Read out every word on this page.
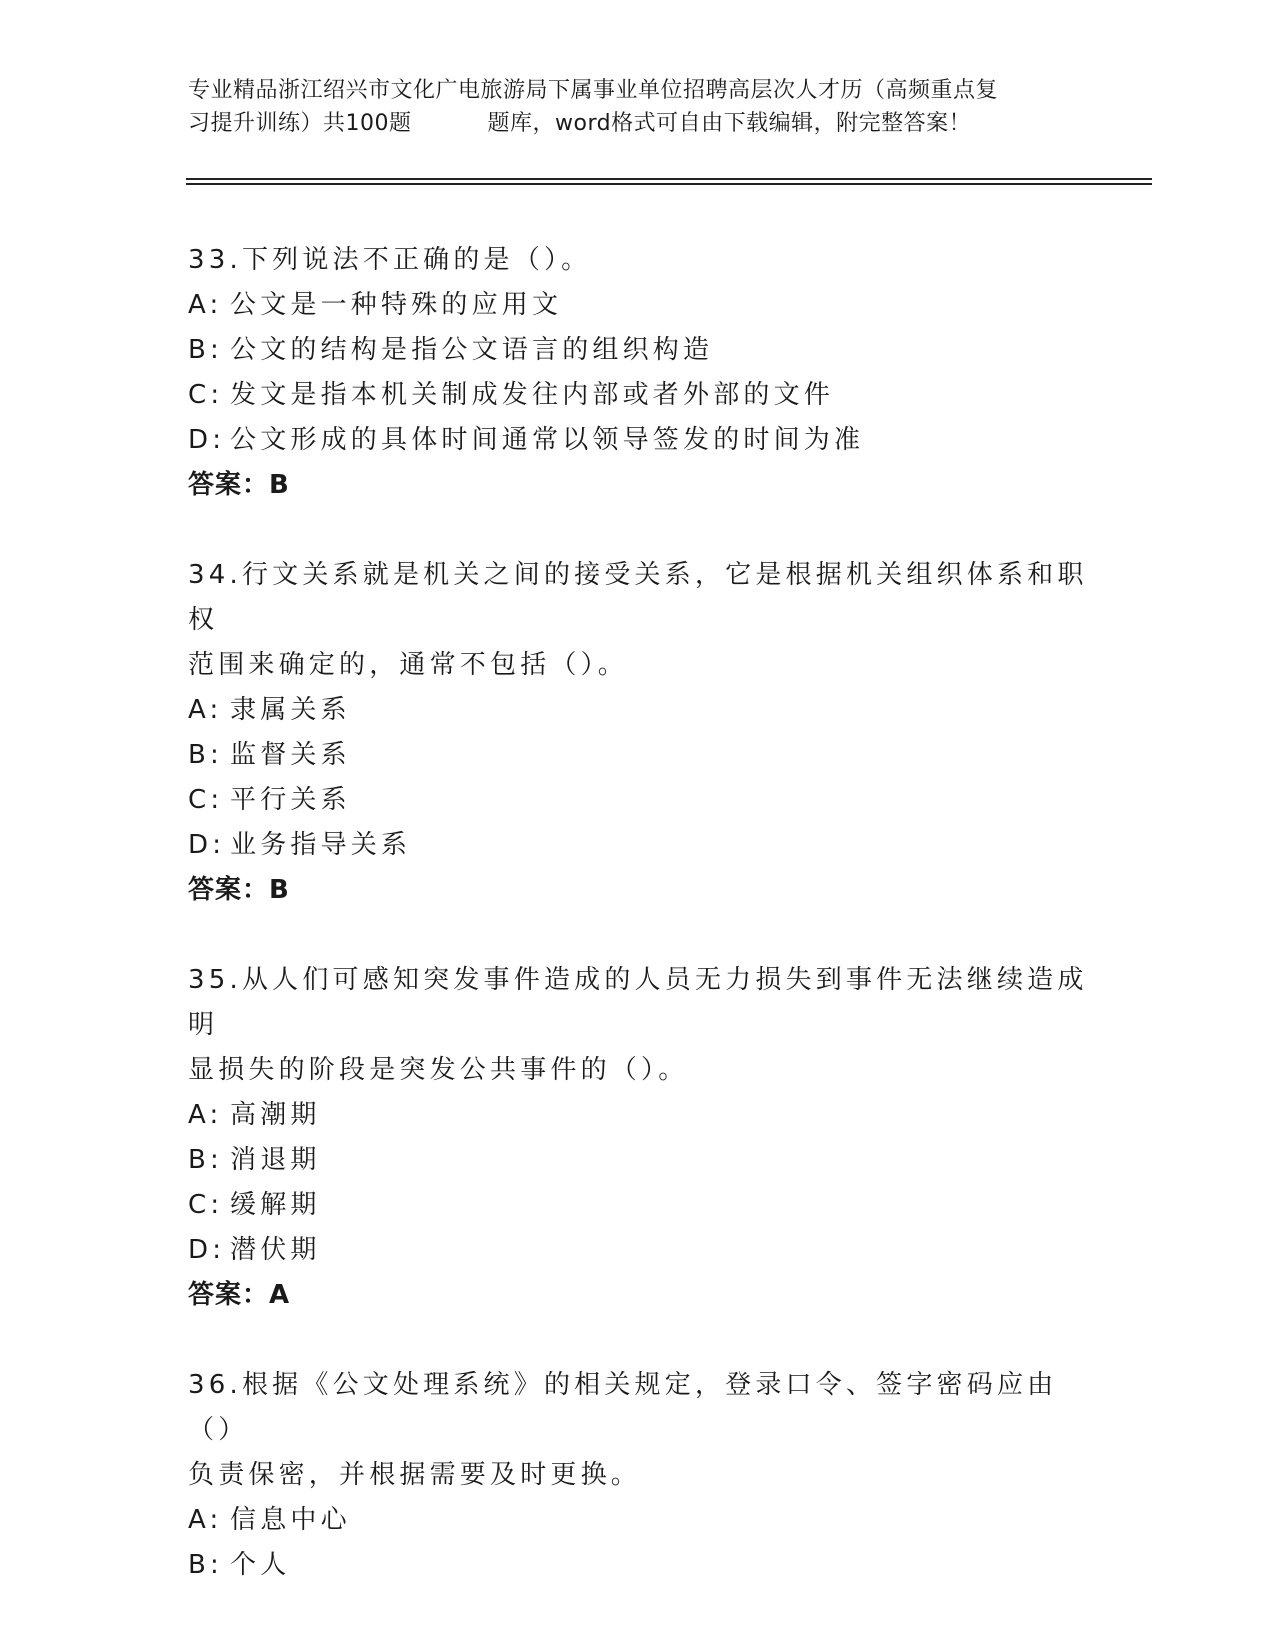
专业精品浙江绍兴市文化广电旅游局下属事业单位招聘高层次人才历（高频重点复
习提升训练）共100题	题库，word格式可自由下载编辑，附完整答案！

33.下列说法不正确的是（）。

A: 公文是一种特殊的应用文

B: 公文的结构是指公文语言的组织构造

C: 发文是指本机关制成发往内部或者外部的文件

D: 公文形成的具体时间通常以领导签发的时间为准

答案：B

34.行文关系就是机关之间的接受关系，它是根据机关组织体系和职权
范围来确定的，通常不包括（）。

A: 隶属关系

B: 监督关系

C: 平行关系

D: 业务指导关系

答案：B

35.从人们可感知突发事件造成的人员无力损失到事件无法继续造成明
显损失的阶段是突发公共事件的（）。

A: 高潮期

B: 消退期

C: 缓解期

D: 潜伏期

答案：A

36.根据《公文处理系统》的相关规定，登录口令、签字密码应由（）
负责保密，并根据需要及时更换。

A: 信息中心

B: 个人
